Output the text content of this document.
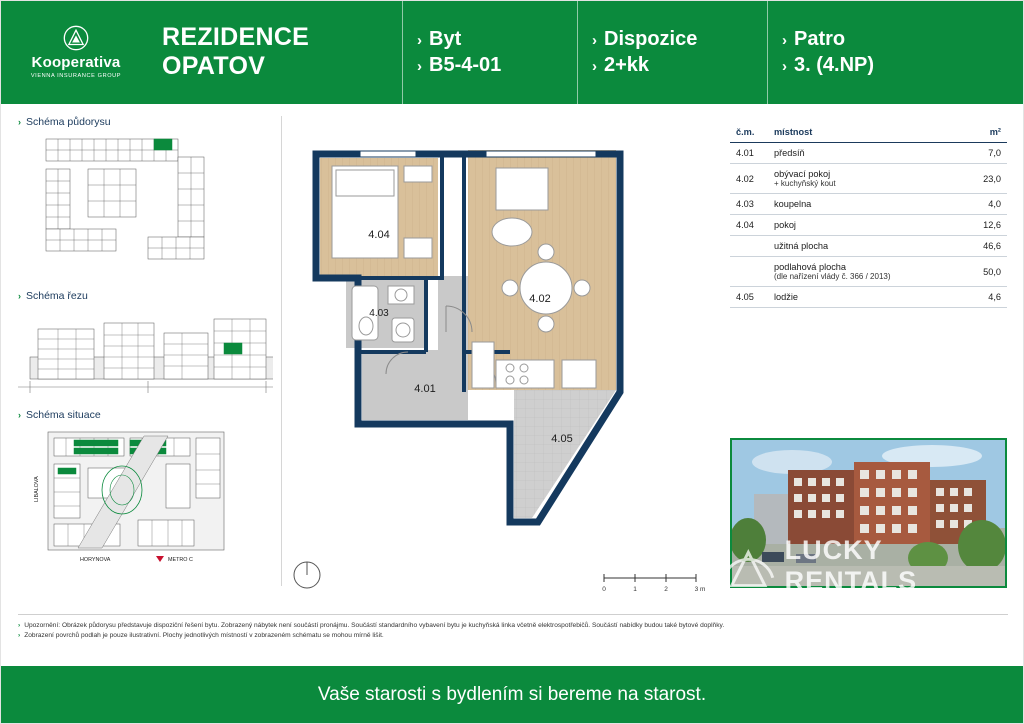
Kooperativa
VIENNA INSURANCE GROUP
REZIDENCE
OPATOV
› Byt
› B5-4-01
› Dispozice
› 2+kk
› Patro
› 3. (4.NP)
› Schéma půdorysu
› Schéma řezu
› Schéma situace
LIBALOVA
HORYNOVA	METRO C
4.04
4.03
4.01
4.02
4.05
0	1	2	3 m
č.m.	místnost	m²
4.01	předsíň	7,0
4.02	obývací pokoj
+ kuchyňský kout	23,0
4.03	koupelna	4,0
4.04	pokoj	12,6
	užitná plocha	46,6
	podlahová plocha
(dle nařízení vlády č. 366 / 2013)	50,0
4.05	lodžie	4,6
LUCKY RENTALS
› Upozornění: Obrázek půdorysu představuje dispoziční řešení bytu. Zobrazený nábytek není součástí pronájmu. Součástí standardního vybavení bytu je kuchyňská linka včetně elektrospotřebičů. Součástí nabídky budou také bytové doplňky.
› Zobrazení povrchů podlah je pouze ilustrativní. Plochy jednotlivých místností v zobrazeném schématu se mohou mírně lišit.
Vaše starosti s bydlením si bereme na starost.
